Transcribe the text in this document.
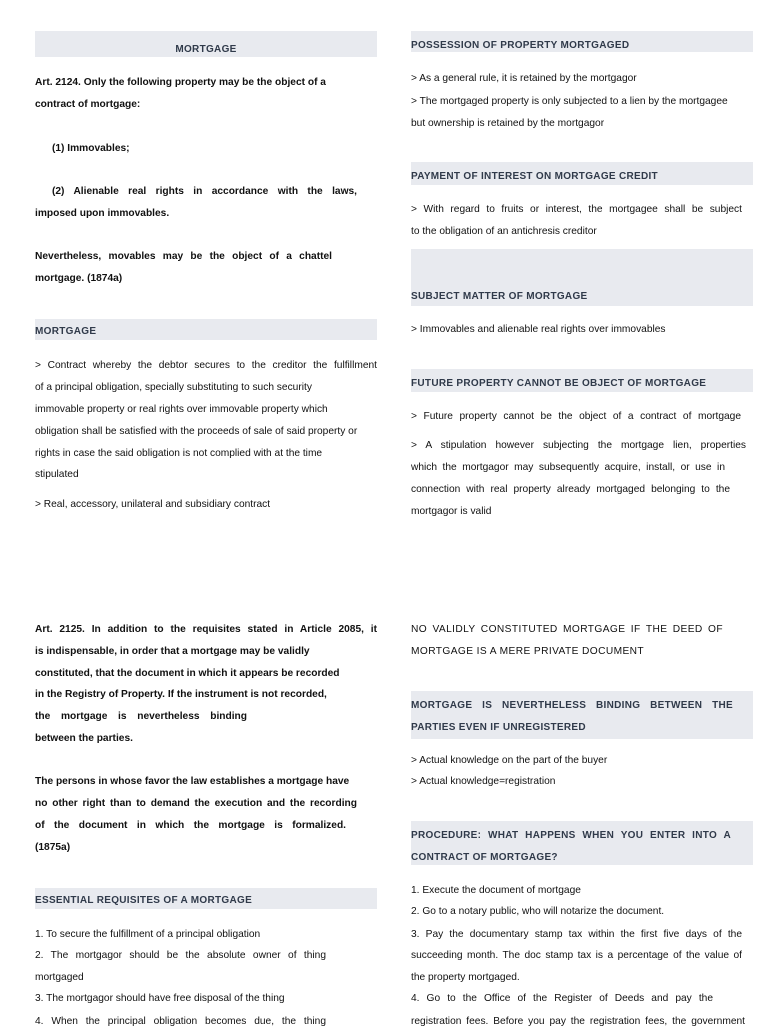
MORTGAGE
Art. 2124. Only the following property may be the object of a
contract of mortgage:
(1) Immovables;
(2) Alienable real rights in accordance with the laws,
imposed upon immovables.
Nevertheless, movables may be the object of a chattel
mortgage. (1874a)
MORTGAGE
> Contract whereby the debtor secures to the creditor the fulfillment
of a principal obligation, specially substituting to such security
immovable property or real rights over immovable property which
obligation shall be satisfied with the proceeds of sale of said property or
rights in case the said obligation is not complied with at the time
stipulated
> Real, accessory, unilateral and subsidiary contract
Art. 2125. In addition to the requisites stated in Article 2085, it
is indispensable, in order that a mortgage may be validly
constituted, that the document in which it appears be recorded
in the Registry of Property. If the instrument is not recorded,
the mortgage is nevertheless binding
between the parties.
The persons in whose favor the law establishes a mortgage have
no other right than to demand the execution and the recording
of the document in which the mortgage is formalized.
(1875a)
ESSENTIAL REQUISITES OF A MORTGAGE
1. To secure the fulfillment of a principal obligation
2. The mortgagor should be the absolute owner of thing
mortgaged
3. The mortgagor should have free disposal of the thing
4. When the principal obligation becomes due, the thing
POSSESSION OF PROPERTY MORTGAGED
> As a general rule, it is retained by the mortgagor
> The mortgaged property is only subjected to a lien by the mortgagee
but ownership is retained by the mortgagor
PAYMENT OF INTEREST ON MORTGAGE CREDIT
> With regard to fruits or interest, the mortgagee shall be subject
to the obligation of an antichresis creditor
SUBJECT MATTER OF MORTGAGE
> Immovables and alienable real rights over immovables
FUTURE PROPERTY CANNOT BE OBJECT OF MORTGAGE
> Future property cannot be the object of a contract of mortgage
> A stipulation however subjecting the mortgage lien, properties
which the mortgagor may subsequently acquire, install, or use in
connection with real property already mortgaged belonging to the
mortgagor is valid
NO VALIDLY CONSTITUTED MORTGAGE IF THE DEED OF
MORTGAGE IS A MERE PRIVATE DOCUMENT
MORTGAGE IS NEVERTHELESS BINDING BETWEEN THE
PARTIES EVEN IF UNREGISTERED
> Actual knowledge on the part of the buyer
> Actual knowledge=registration
PROCEDURE: WHAT HAPPENS WHEN YOU ENTER INTO A
CONTRACT OF MORTGAGE?
1. Execute the document of mortgage
2. Go to a notary public, who will notarize the document.
3. Pay the documentary stamp tax within the first five days of the
succeeding month. The doc stamp tax is a percentage of the value of
the property mortgaged.
4. Go to the Office of the Register of Deeds and pay the
registration fees. Before you pay the registration fees, the government
